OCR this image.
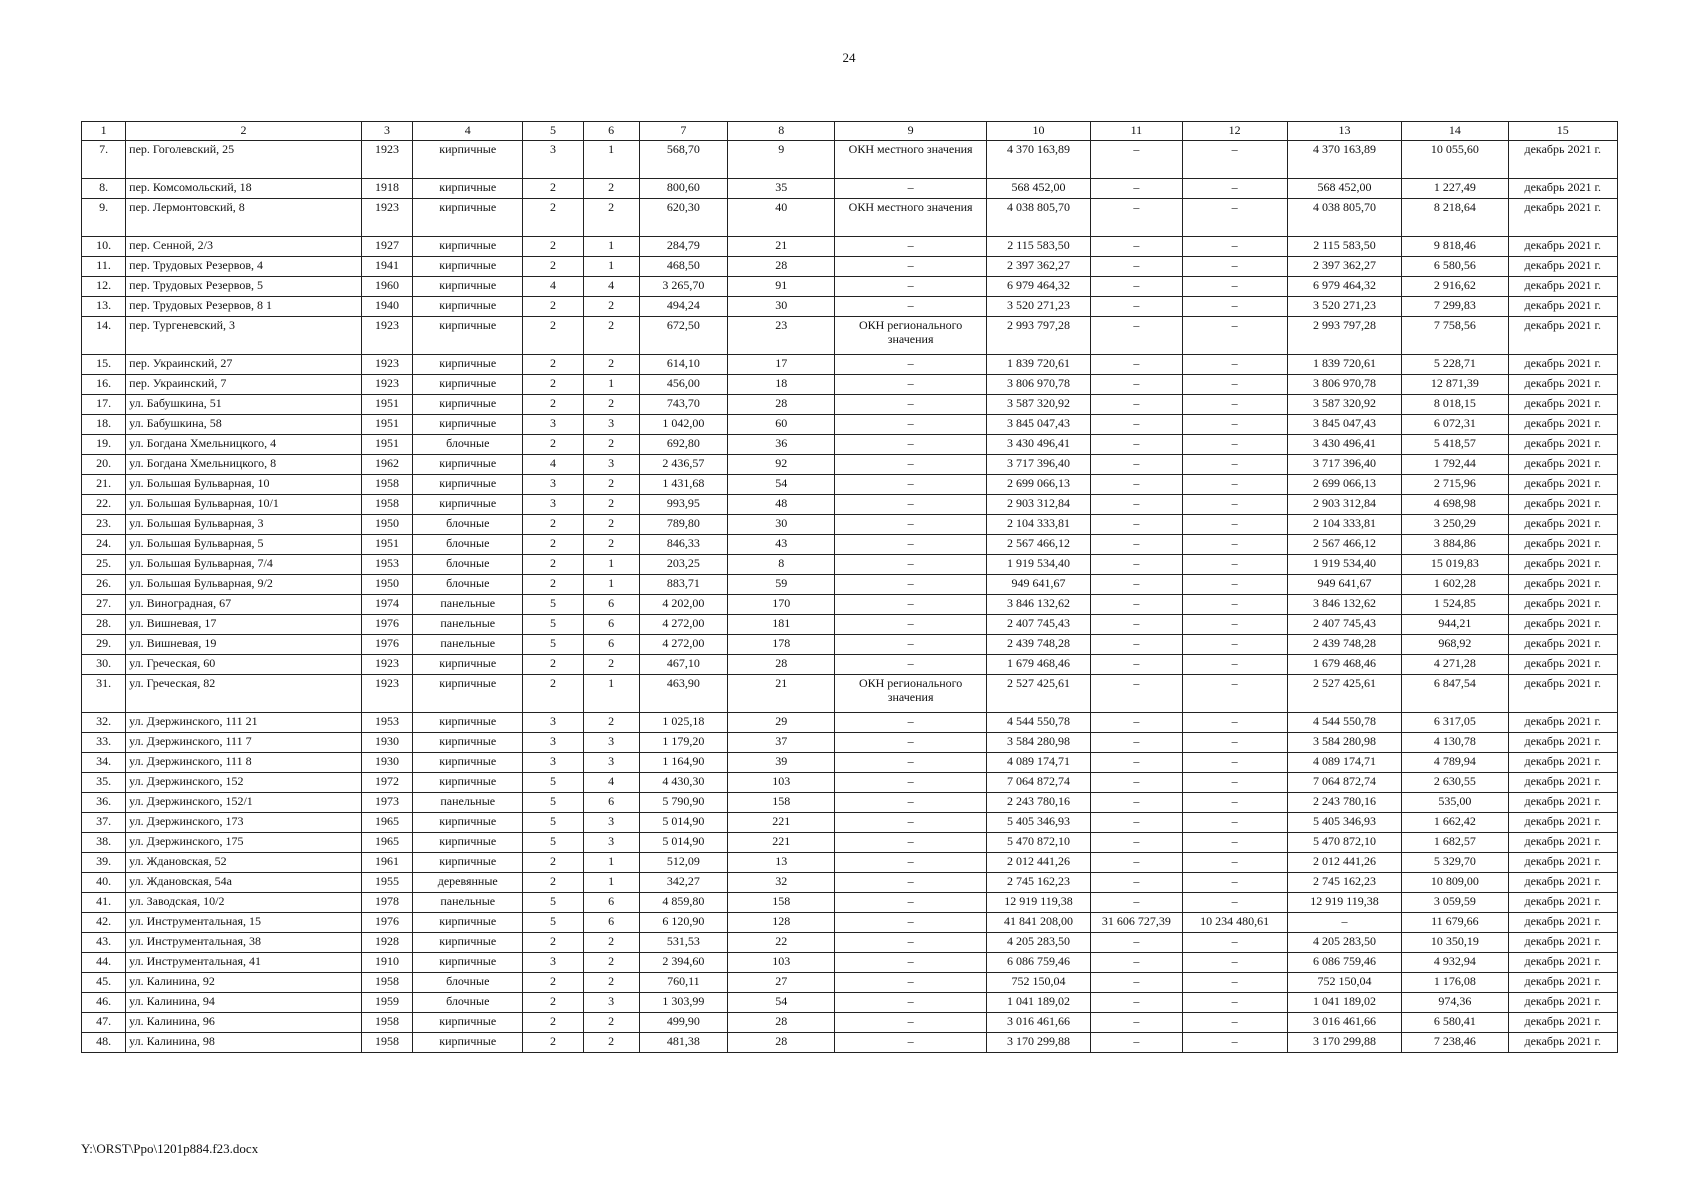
24
1	2	3	4	5	6	7	8	9	10	11	12	13	14	15
7.	пер. Гоголевский, 25	1923	кирпичные	3	1	568,70	9	ОКН местного значения	4 370 163,89	–	–	4 370 163,89	10 055,60	декабрь 2021 г.
8.	пер. Комсомольский, 18	1918	кирпичные	2	2	800,60	35	–	568 452,00	–	–	568 452,00	1 227,49	декабрь 2021 г.
9.	пер. Лермонтовский, 8	1923	кирпичные	2	2	620,30	40	ОКН местного значения	4 038 805,70	–	–	4 038 805,70	8 218,64	декабрь 2021 г.
10.	пер. Сенной, 2/3	1927	кирпичные	2	1	284,79	21	–	2 115 583,50	–	–	2 115 583,50	9 818,46	декабрь 2021 г.
11.	пер. Трудовых Резервов, 4	1941	кирпичные	2	1	468,50	28	–	2 397 362,27	–	–	2 397 362,27	6 580,56	декабрь 2021 г.
12.	пер. Трудовых Резервов, 5	1960	кирпичные	4	4	3 265,70	91	–	6 979 464,32	–	–	6 979 464,32	2 916,62	декабрь 2021 г.
13.	пер. Трудовых Резервов, 8 1	1940	кирпичные	2	2	494,24	30	–	3 520 271,23	–	–	3 520 271,23	7 299,83	декабрь 2021 г.
14.	пер. Тургеневский, 3	1923	кирпичные	2	2	672,50	23	ОКН регионального значения	2 993 797,28	–	–	2 993 797,28	7 758,56	декабрь 2021 г.
15.	пер. Украинский, 27	1923	кирпичные	2	2	614,10	17	–	1 839 720,61	–	–	1 839 720,61	5 228,71	декабрь 2021 г.
16.	пер. Украинский, 7	1923	кирпичные	2	1	456,00	18	–	3 806 970,78	–	–	3 806 970,78	12 871,39	декабрь 2021 г.
17.	ул. Бабушкина, 51	1951	кирпичные	2	2	743,70	28	–	3 587 320,92	–	–	3 587 320,92	8 018,15	декабрь 2021 г.
18.	ул. Бабушкина, 58	1951	кирпичные	3	3	1 042,00	60	–	3 845 047,43	–	–	3 845 047,43	6 072,31	декабрь 2021 г.
19.	ул. Богдана Хмельницкого, 4	1951	блочные	2	2	692,80	36	–	3 430 496,41	–	–	3 430 496,41	5 418,57	декабрь 2021 г.
20.	ул. Богдана Хмельницкого, 8	1962	кирпичные	4	3	2 436,57	92	–	3 717 396,40	–	–	3 717 396,40	1 792,44	декабрь 2021 г.
21.	ул. Большая Бульварная, 10	1958	кирпичные	3	2	1 431,68	54	–	2 699 066,13	–	–	2 699 066,13	2 715,96	декабрь 2021 г.
22.	ул. Большая Бульварная, 10/1	1958	кирпичные	3	2	993,95	48	–	2 903 312,84	–	–	2 903 312,84	4 698,98	декабрь 2021 г.
23.	ул. Большая Бульварная, 3	1950	блочные	2	2	789,80	30	–	2 104 333,81	–	–	2 104 333,81	3 250,29	декабрь 2021 г.
24.	ул. Большая Бульварная, 5	1951	блочные	2	2	846,33	43	–	2 567 466,12	–	–	2 567 466,12	3 884,86	декабрь 2021 г.
25.	ул. Большая Бульварная, 7/4	1953	блочные	2	1	203,25	8	–	1 919 534,40	–	–	1 919 534,40	15 019,83	декабрь 2021 г.
26.	ул. Большая Бульварная, 9/2	1950	блочные	2	1	883,71	59	–	949 641,67	–	–	949 641,67	1 602,28	декабрь 2021 г.
27.	ул. Виноградная, 67	1974	панельные	5	6	4 202,00	170	–	3 846 132,62	–	–	3 846 132,62	1 524,85	декабрь 2021 г.
28.	ул. Вишневая, 17	1976	панельные	5	6	4 272,00	181	–	2 407 745,43	–	–	2 407 745,43	944,21	декабрь 2021 г.
29.	ул. Вишневая, 19	1976	панельные	5	6	4 272,00	178	–	2 439 748,28	–	–	2 439 748,28	968,92	декабрь 2021 г.
30.	ул. Греческая, 60	1923	кирпичные	2	2	467,10	28	–	1 679 468,46	–	–	1 679 468,46	4 271,28	декабрь 2021 г.
31.	ул. Греческая, 82	1923	кирпичные	2	1	463,90	21	ОКН регионального значения	2 527 425,61	–	–	2 527 425,61	6 847,54	декабрь 2021 г.
32.	ул. Дзержинского, 111 21	1953	кирпичные	3	2	1 025,18	29	–	4 544 550,78	–	–	4 544 550,78	6 317,05	декабрь 2021 г.
33.	ул. Дзержинского, 111 7	1930	кирпичные	3	3	1 179,20	37	–	3 584 280,98	–	–	3 584 280,98	4 130,78	декабрь 2021 г.
34.	ул. Дзержинского, 111 8	1930	кирпичные	3	3	1 164,90	39	–	4 089 174,71	–	–	4 089 174,71	4 789,94	декабрь 2021 г.
35.	ул. Дзержинского, 152	1972	кирпичные	5	4	4 430,30	103	–	7 064 872,74	–	–	7 064 872,74	2 630,55	декабрь 2021 г.
36.	ул. Дзержинского, 152/1	1973	панельные	5	6	5 790,90	158	–	2 243 780,16	–	–	2 243 780,16	535,00	декабрь 2021 г.
37.	ул. Дзержинского, 173	1965	кирпичные	5	3	5 014,90	221	–	5 405 346,93	–	–	5 405 346,93	1 662,42	декабрь 2021 г.
38.	ул. Дзержинского, 175	1965	кирпичные	5	3	5 014,90	221	–	5 470 872,10	–	–	5 470 872,10	1 682,57	декабрь 2021 г.
39.	ул. Ждановская, 52	1961	кирпичные	2	1	512,09	13	–	2 012 441,26	–	–	2 012 441,26	5 329,70	декабрь 2021 г.
40.	ул. Ждановская, 54а	1955	деревянные	2	1	342,27	32	–	2 745 162,23	–	–	2 745 162,23	10 809,00	декабрь 2021 г.
41.	ул. Заводская, 10/2	1978	панельные	5	6	4 859,80	158	–	12 919 119,38	–	–	12 919 119,38	3 059,59	декабрь 2021 г.
42.	ул. Инструментальная, 15	1976	кирпичные	5	6	6 120,90	128	–	41 841 208,00	31 606 727,39	10 234 480,61	–	11 679,66	декабрь 2021 г.
43.	ул. Инструментальная, 38	1928	кирпичные	2	2	531,53	22	–	4 205 283,50	–	–	4 205 283,50	10 350,19	декабрь 2021 г.
44.	ул. Инструментальная, 41	1910	кирпичные	3	2	2 394,60	103	–	6 086 759,46	–	–	6 086 759,46	4 932,94	декабрь 2021 г.
45.	ул. Калинина, 92	1958	блочные	2	2	760,11	27	–	752 150,04	–	–	752 150,04	1 176,08	декабрь 2021 г.
46.	ул. Калинина, 94	1959	блочные	2	3	1 303,99	54	–	1 041 189,02	–	–	1 041 189,02	974,36	декабрь 2021 г.
47.	ул. Калинина, 96	1958	кирпичные	2	2	499,90	28	–	3 016 461,66	–	–	3 016 461,66	6 580,41	декабрь 2021 г.
48.	ул. Калинина, 98	1958	кирпичные	2	2	481,38	28	–	3 170 299,88	–	–	3 170 299,88	7 238,46	декабрь 2021 г.
Y:\ORST\Ppo\1201p884.f23.docx
